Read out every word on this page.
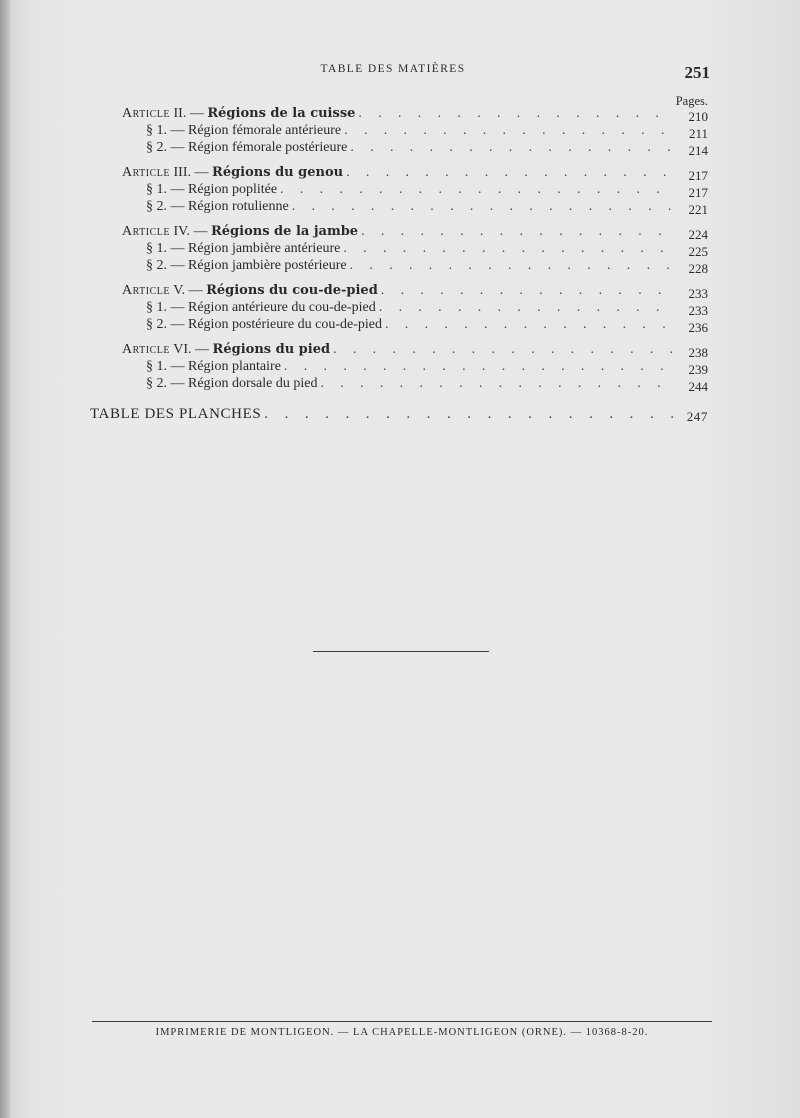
TABLE DES MATIÈRES	251
Pages.
Article II. — Régions de la cuisse . . .	210
§ 1. — Région fémorale antérieure . . .	211
§ 2. — Région fémorale postérieure . . .	214
Article III. — Régions du genou . . .	217
§ 1. — Région poplitée . . .	217
§ 2. — Région rotulienne . . .	221
Article IV. — Régions de la jambe . . .	224
§ 1. — Région jambière antérieure . . .	225
§ 2. — Région jambière postérieure . . .	228
Article V. — Régions du cou-de-pied . . .	233
§ 1. — Région antérieure du cou-de-pied . . .	233
§ 2. — Région postérieure du cou-de-pied . . .	236
Article VI. — Régions du pied . . .	238
§ 1. — Région plantaire . . .	239
§ 2. — Région dorsale du pied . . .	244
TABLE DES PLANCHES . . .	247
IMPRIMERIE DE MONTLIGEON. — LA CHAPELLE-MONTLIGEON (ORNE). — 10368-8-20.
